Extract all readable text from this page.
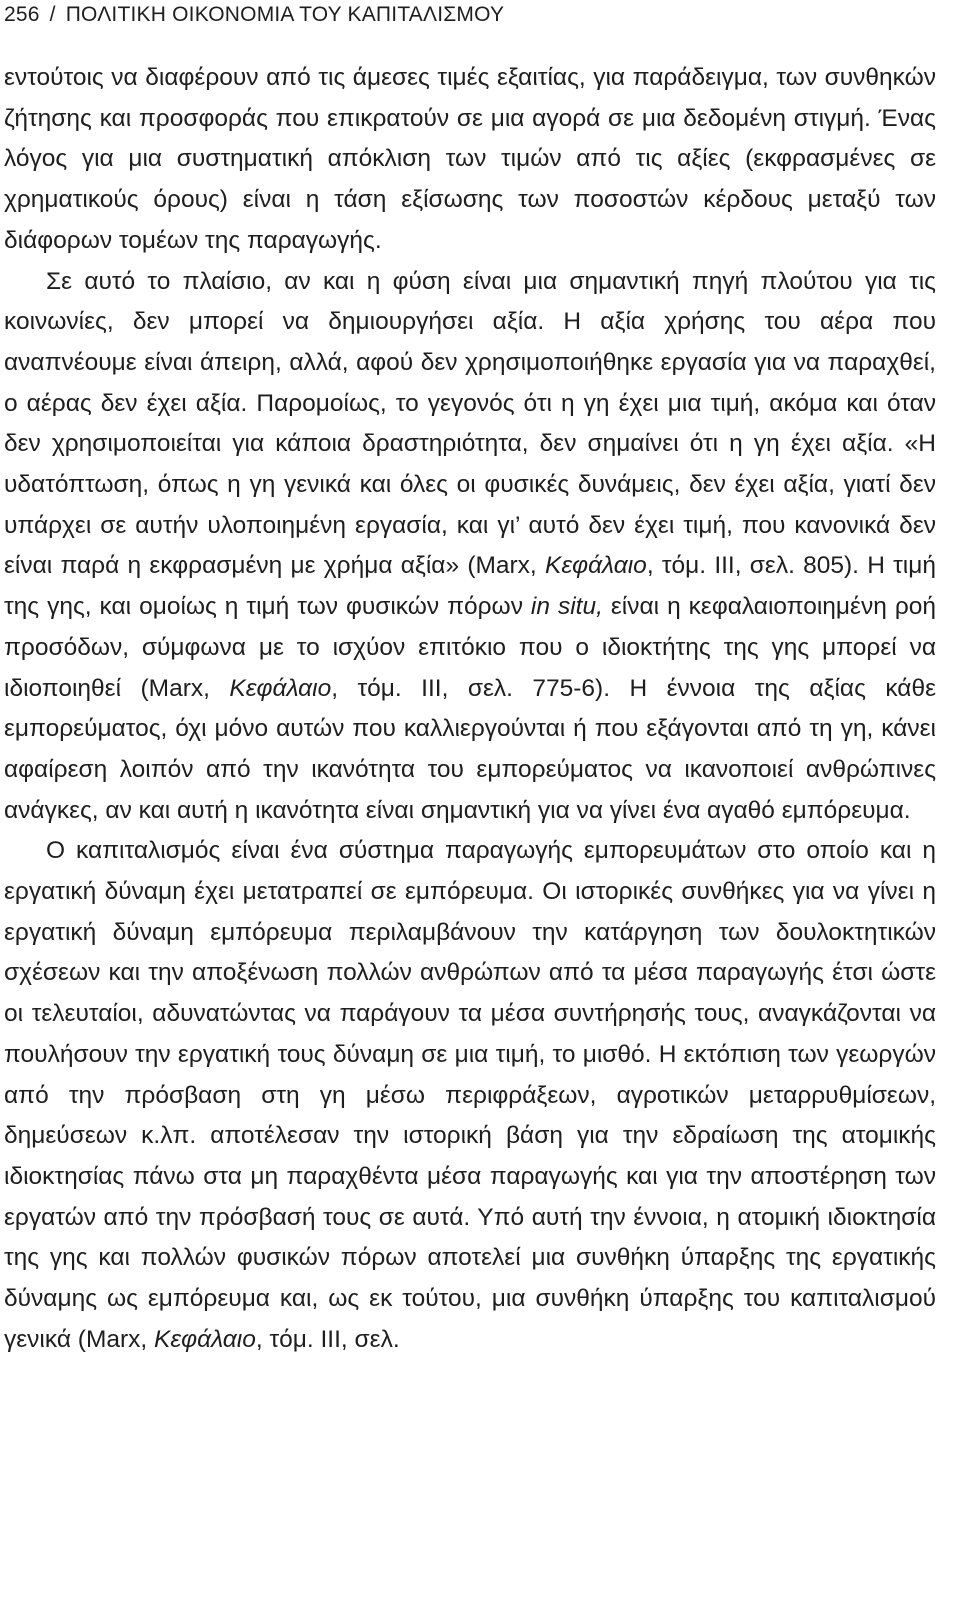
256 / ΠΟΛΙΤΙΚΗ ΟΙΚΟΝΟΜΙΑ ΤΟΥ ΚΑΠΙΤΑΛΙΣΜΟΥ

εντούτοις να διαφέρουν από τις άμεσες τιμές εξαιτίας, για παράδειγμα, των συνθηκών ζήτησης και προσφοράς που επικρατούν σε μια αγορά σε μια δεδομένη στιγμή. Ένας λόγος για μια συστηματική απόκλιση των τιμών από τις αξίες (εκφρασμένες σε χρηματικούς όρους) είναι η τάση εξίσωσης των ποσοστών κέρδους μεταξύ των διάφορων τομέων της παραγωγής.

Σε αυτό το πλαίσιο, αν και η φύση είναι μια σημαντική πηγή πλούτου για τις κοινωνίες, δεν μπορεί να δημιουργήσει αξία. Η αξία χρήσης του αέρα που αναπνέουμε είναι άπειρη, αλλά, αφού δεν χρησιμοποιήθηκε εργασία για να παραχθεί, ο αέρας δεν έχει αξία. Παρομοίως, το γεγονός ότι η γη έχει μια τιμή, ακόμα και όταν δεν χρησιμοποιείται για κάποια δραστηριότητα, δεν σημαίνει ότι η γη έχει αξία. «Η υδατόπτωση, όπως η γη γενικά και όλες οι φυσικές δυνάμεις, δεν έχει αξία, γιατί δεν υπάρχει σε αυτήν υλοποιημένη εργασία, και γι’ αυτό δεν έχει τιμή, που κανονικά δεν είναι παρά η εκφρασμένη με χρήμα αξία» (Marx, Κεφάλαιο, τόμ. III, σελ. 805). Η τιμή της γης, και ομοίως η τιμή των φυσικών πόρων in situ, είναι η κεφαλαιοποιημένη ροή προσόδων, σύμφωνα με το ισχύον επιτόκιο που ο ιδιοκτήτης της γης μπορεί να ιδιοποιηθεί (Marx, Κεφάλαιο, τόμ. III, σελ. 775-6). Η έννοια της αξίας κάθε εμπορεύματος, όχι μόνο αυτών που καλλιεργούνται ή που εξάγονται από τη γη, κάνει αφαίρεση λοιπόν από την ικανότητα του εμπορεύματος να ικανοποιεί ανθρώπινες ανάγκες, αν και αυτή η ικανότητα είναι σημαντική για να γίνει ένα αγαθό εμπόρευμα.

Ο καπιταλισμός είναι ένα σύστημα παραγωγής εμπορευμάτων στο οποίο και η εργατική δύναμη έχει μετατραπεί σε εμπόρευμα. Οι ιστορικές συνθήκες για να γίνει η εργατική δύναμη εμπόρευμα περιλαμβάνουν την κατάργηση των δουλοκτητικών σχέσεων και την αποξένωση πολλών ανθρώπων από τα μέσα παραγωγής έτσι ώστε οι τελευταίοι, αδυνατώντας να παράγουν τα μέσα συντήρησής τους, αναγκάζονται να πουλήσουν την εργατική τους δύναμη σε μια τιμή, το μισθό. Η εκτόπιση των γεωργών από την πρόσβαση στη γη μέσω περιφράξεων, αγροτικών μεταρρυθμίσεων, δημεύσεων κ.λπ. αποτέλεσαν την ιστορική βάση για την εδραίωση της ατομικής ιδιοκτησίας πάνω στα μη παραχθέντα μέσα παραγωγής και για την αποστέρηση των εργατών από την πρόσβασή τους σε αυτά. Υπό αυτή την έννοια, η ατομική ιδιοκτησία της γης και πολλών φυσικών πόρων αποτελεί μια συνθήκη ύπαρξης της εργατικής δύναμης ως εμπόρευμα και, ως εκ τούτου, μια συνθήκη ύπαρξης του καπιταλισμού γενικά (Marx, Κεφάλαιο, τόμ. III, σελ.
